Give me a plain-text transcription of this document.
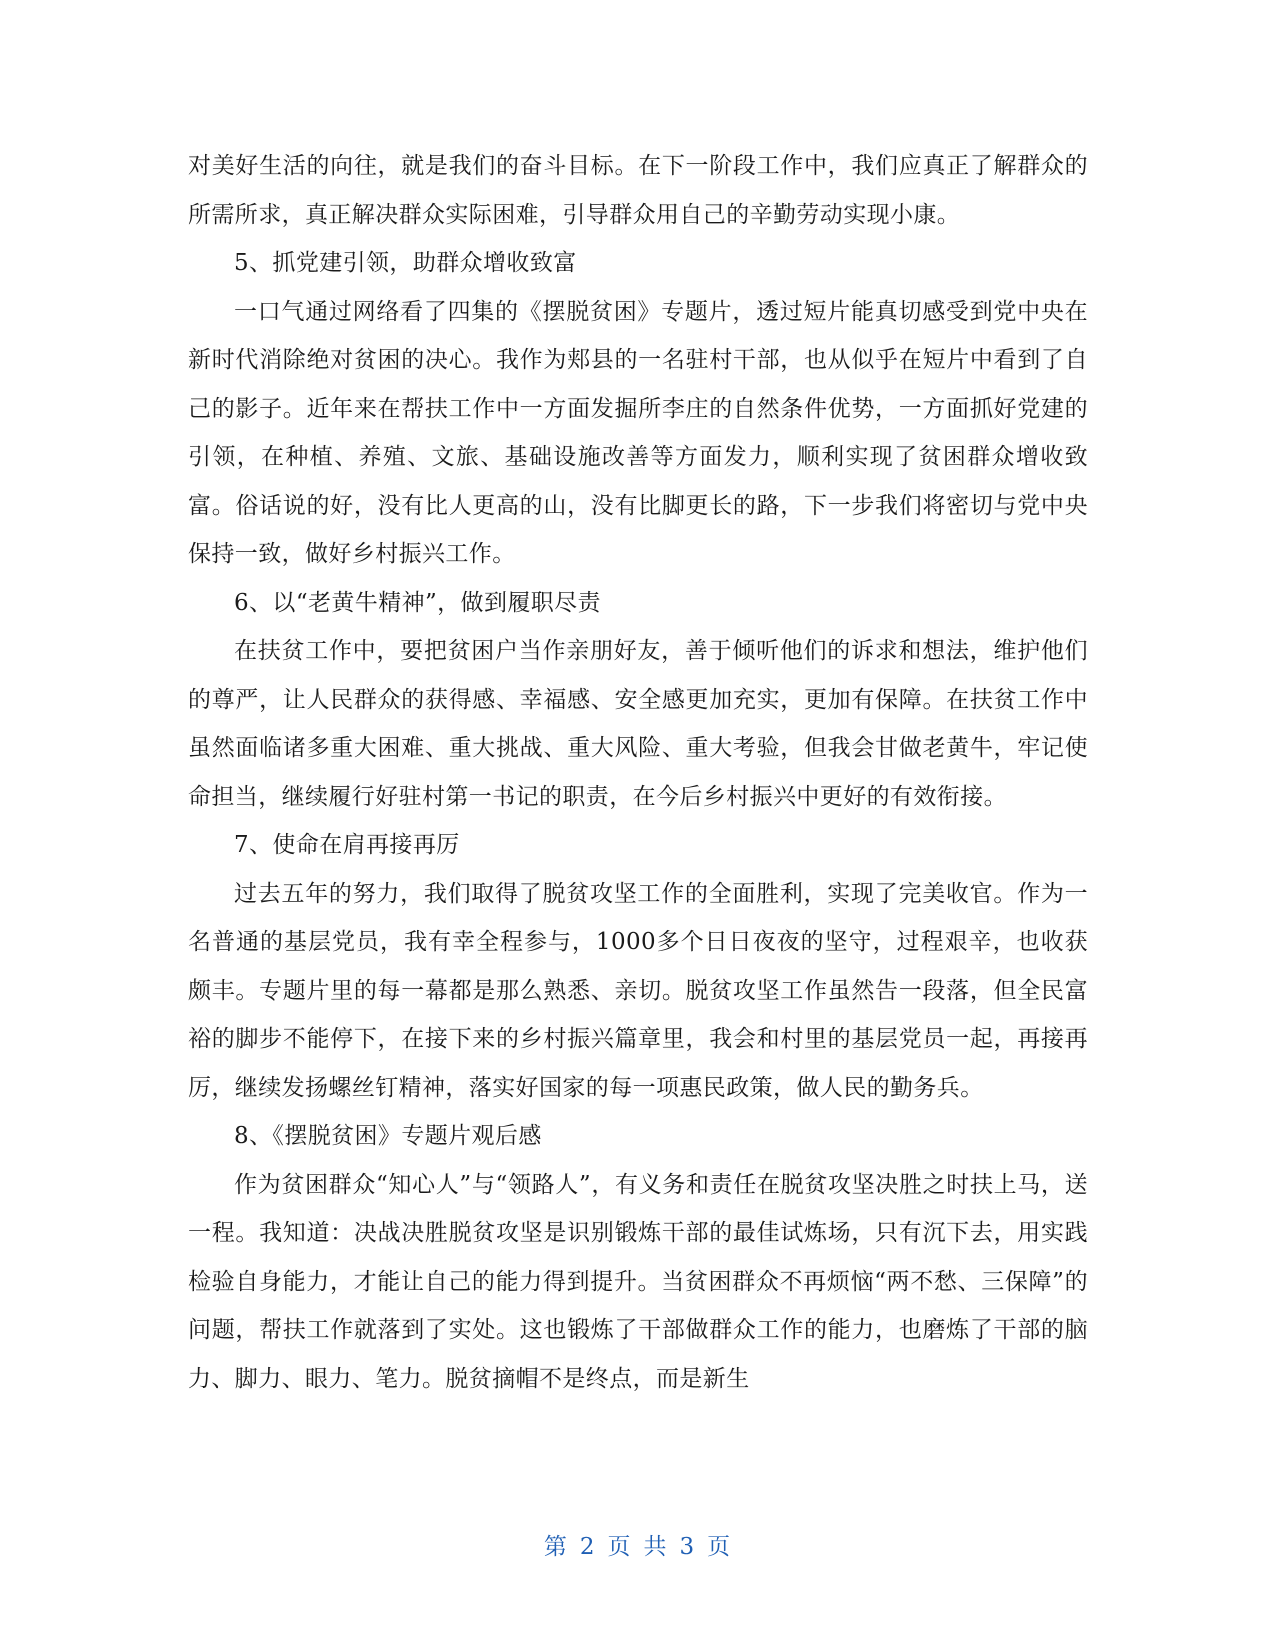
对美好生活的向往，就是我们的奋斗目标。在下一阶段工作中，我们应真正了解群众的所需所求，真正解决群众实际困难，引导群众用自己的辛勤劳动实现小康。

5、抓党建引领，助群众增收致富

一口气通过网络看了四集的《摆脱贫困》专题片，透过短片能真切感受到党中央在新时代消除绝对贫困的决心。我作为郏县的一名驻村干部，也从似乎在短片中看到了自己的影子。近年来在帮扶工作中一方面发掘所李庄的自然条件优势，一方面抓好党建的引领，在种植、养殖、文旅、基础设施改善等方面发力，顺利实现了贫困群众增收致富。俗话说的好，没有比人更高的山，没有比脚更长的路，下一步我们将密切与党中央保持一致，做好乡村振兴工作。

6、以“老黄牛精神”，做到履职尽责

在扶贫工作中，要把贫困户当作亲朋好友，善于倾听他们的诉求和想法，维护他们的尊严，让人民群众的获得感、幸福感、安全感更加充实，更加有保障。在扶贫工作中虽然面临诸多重大困难、重大挑战、重大风险、重大考验，但我会甘做老黄牛，牢记使命担当，继续履行好驻村第一书记的职责，在今后乡村振兴中更好的有效衔接。

7、使命在肩再接再厉

过去五年的努力，我们取得了脱贫攻坚工作的全面胜利，实现了完美收官。作为一名普通的基层党员，我有幸全程参与，1000多个日日夜夜的坚守，过程艰辛，也收获颇丰。专题片里的每一幕都是那么熟悉、亲切。脱贫攻坚工作虽然告一段落，但全民富裕的脚步不能停下，在接下来的乡村振兴篇章里，我会和村里的基层党员一起，再接再厉，继续发扬螺丝钉精神，落实好国家的每一项惠民政策，做人民的勤务兵。

8、《摆脱贫困》专题片观后感

作为贫困群众“知心人”与“领路人”，有义务和责任在脱贫攻坚决胜之时扶上马，送一程。我知道：决战决胜脱贫攻坚是识别锻炼干部的最佳试炼场，只有沉下去，用实践检验自身能力，才能让自己的能力得到提升。当贫困群众不再烦恼“两不愁、三保障”的问题，帮扶工作就落到了实处。这也锻炼了干部做群众工作的能力，也磨炼了干部的脑力、脚力、眼力、笔力。脱贫摘帽不是终点，而是新生

第 2 页 共 3 页
